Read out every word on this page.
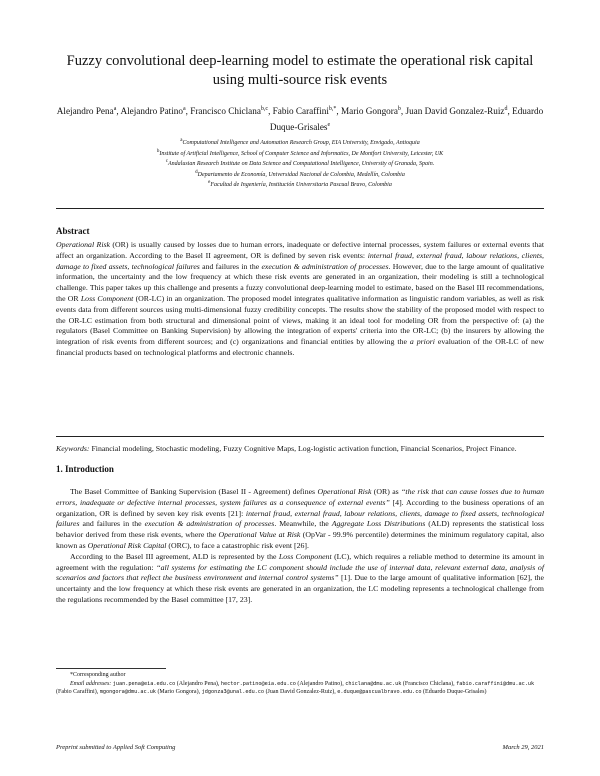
Fuzzy convolutional deep-learning model to estimate the operational risk capital
using multi-source risk events
Alejandro Pena$^a$, Alejandro Patino$^a$, Francisco Chiclana$^{b,c}$, Fabio Caraffini$^{b,*}$, Mario Gongora$^b$, Juan David Gonzalez-Ruiz$^d$, Eduardo Duque-Grisales$^e$
$^a$Computational Intelligence and Automation Research Group, EIA University, Envigado, Antioquia
$^b$Institute of Artificial Intelligence, School of Computer Science and Informatics, De Montfort University, Leicester, UK
$^c$Andalusian Research Institute on Data Science and Computational Intelligence, University of Granada, Spain.
$^d$Departamento de Economía, Universidad Nacional de Colombia, Medellín, Colombia
$^e$Facultad de Ingeniería, Institución Universitaria Pascual Bravo, Colombia
Abstract
Operational Risk (OR) is usually caused by losses due to human errors, inadequate or defective internal processes, system failures or external events that affect an organization. According to the Basel II agreement, OR is defined by seven risk events: internal fraud, external fraud, labour relations, clients, damage to fixed assets, technological failures and failures in the execution & administration of processes. However, due to the large amount of qualitative information, the uncertainty and the low frequency at which these risk events are generated in an organization, their modeling is still a technological challenge. This paper takes up this challenge and presents a fuzzy convolutional deep-learning model to estimate, based on the Basel III recommendations, the OR Loss Component (OR-LC) in an organization. The proposed model integrates qualitative information as linguistic random variables, as well as risk events data from different sources using multi-dimensional fuzzy credibility concepts. The results show the stability of the proposed model with respect to the OR-LC estimation from both structural and dimensional point of views, making it an ideal tool for modeling OR from the perspective of: (a) the regulators (Basel Committee on Banking Supervision) by allowing the integration of experts' criteria into the OR-LC; (b) the insurers by allowing the integration of risk events from different sources; and (c) organizations and financial entities by allowing the a priori evaluation of the OR-LC of new financial products based on technological platforms and electronic channels.
Keywords: Financial modeling, Stochastic modeling, Fuzzy Cognitive Maps, Log-logistic activation function, Financial Scenarios, Project Finance.
1. Introduction

The Basel Committee of Banking Supervision (Basel II - Agreement) defines Operational Risk (OR) as “the risk that can cause losses due to human errors, inadequate or defective internal processes, system failures as a consequence of external events” [4]. According to the business operations of an organization, OR is defined by seven key risk events [21]: internal fraud, external fraud, labour relations, clients, damage to fixed assets, technological failures and failures in the execution & administration of processes. Meanwhile, the Aggregate Loss Distributions (ALD) represents the statistical loss behavior derived from these risk events, where the Operational Value at Risk (OpVar - 99.9% percentile) determines the minimum regulatory capital, also known as Operational Risk Capital (ORC), to face a catastrophic risk event [26].

According to the Basel III agreement, ALD is represented by the Loss Component (LC), which requires a reliable method to determine its amount in agreement with the regulation: “all systems for estimating the LC component should include the use of internal data, relevant external data, analysis of scenarios and factors that reflect the business environment and internal control systems” [1]. Due to the large amount of qualitative information [62], the uncertainty and the low frequency at which these risk events are generated in an organization, the LC modeling represents a technological challenge from the regulations recommended by the Basel committee [17, 23].

*Corresponding author

Email addresses: juan.pena@eia.edu.co (Alejandro Pena), hector.patino@eia.edu.co (Alejandro Patino), chiclana@dmu.ac.uk (Francisco Chiclana), fabio.caraffini@dmu.ac.uk (Fabio Caraffini), mgongora@dmu.ac.uk (Mario Gongora), jdgonza3@unal.edu.co (Juan David Gonzalez-Ruiz), e.duque@pascualbravo.edu.co (Eduardo Duque-Grisales)

Preprint submitted to Applied Soft Computing	March 29, 2021
